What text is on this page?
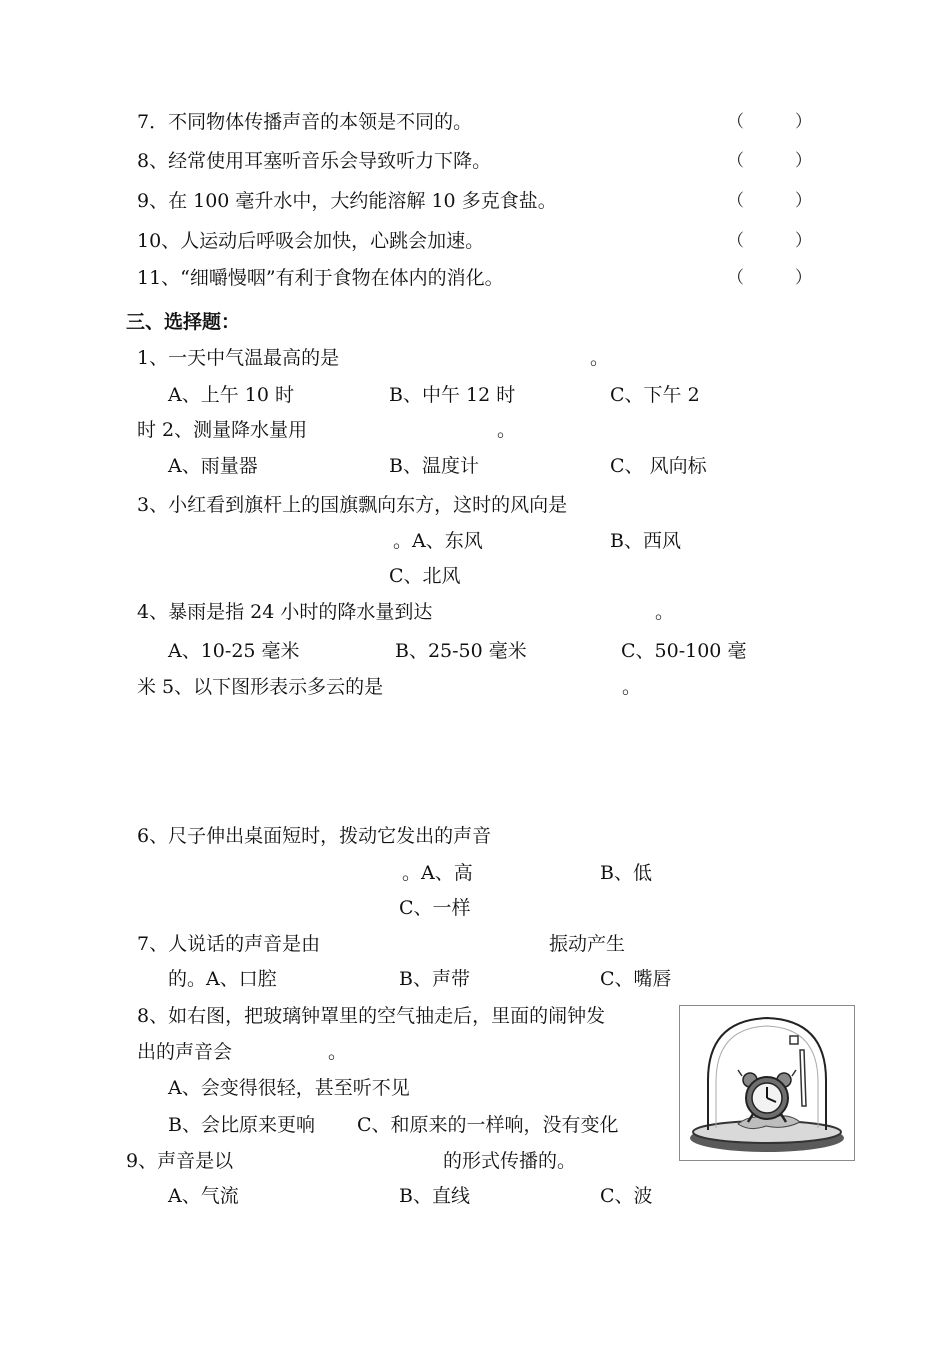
7．不同物体传播声音的本领是不同的。	（　　　）
8、经常使用耳塞听音乐会导致听力下降。	（　　　）
9、在 100 毫升水中，大约能溶解 10 多克食盐。	（　　　）
10、人运动后呼吸会加快，心跳会加速。	（　　　）
11、“细嚼慢咽”有利于食物在体内的消化。	（　　　）
三、选择题：
1、一天中气温最高的是	。
A、上午 10 时	B、中午 12 时	C、下午 2
时 2、测量降水量用	。
A、雨量器	B、温度计	C、 风向标
3、小红看到旗杆上的国旗飘向东方，这时的风向是
。A、东风	B、西风
C、北风
4、暴雨是指 24 小时的降水量到达	。
A、10-25 毫米	B、25-50 毫米	C、50-100 毫
米 5、以下图形表示多云的是	。
6、尺子伸出桌面短时，拨动它发出的声音
。A、高	B、低
C、一样
7、人说话的声音是由	振动产生
的。A、口腔	B、声带	C、嘴唇
8、如右图，把玻璃钟罩里的空气抽走后，里面的闹钟发
出的声音会	。
A、会变得很轻，甚至听不见
B、会比原来更响 C、和原来的一样响，没有变化
9、声音是以	的形式传播的。
A、气流	B、直线	C、波
